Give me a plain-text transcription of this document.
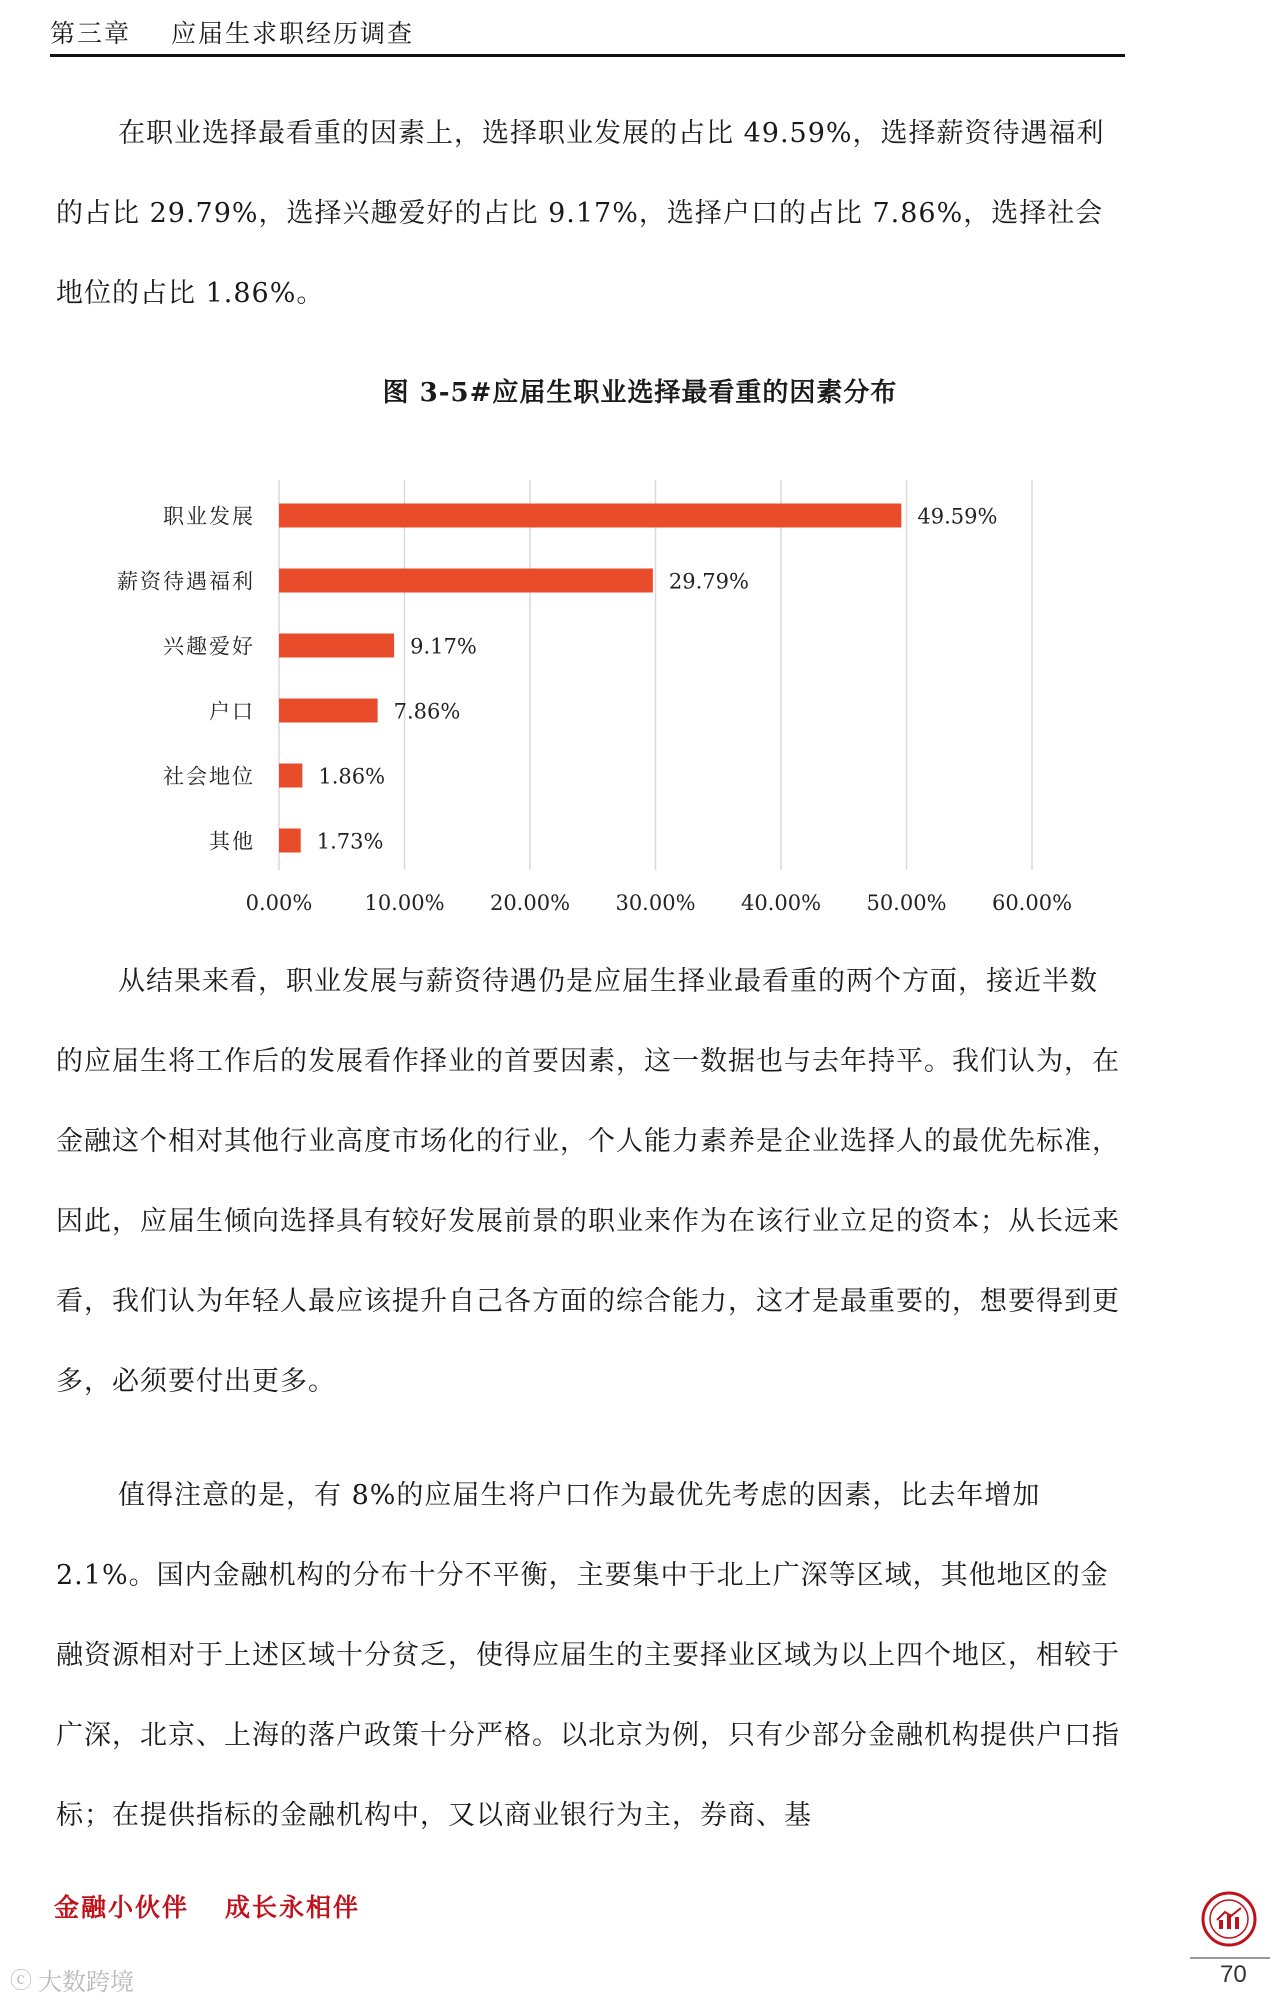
第三章 应届生求职经历调查

在职业选择最看重的因素上，选择职业发展的占比 49.59%，选择薪资待遇福利的占比 29.79%，选择兴趣爱好的占比 9.17%，选择户口的占比 7.86%，选择社会地位的占比 1.86%。

图 3-5#应届生职业选择最看重的因素分布
0.00% 10.00% 20.00% 30.00% 40.00% 50.00% 60.00%
职业发展	49.59%
薪资待遇福利	29.79%
兴趣爱好	9.17%
户口	7.86%
社会地位	1.86%
其他	1.73%

从结果来看，职业发展与薪资待遇仍是应届生择业最看重的两个方面，接近半数的应届生将工作后的发展看作择业的首要因素，这一数据也与去年持平。我们认为，在金融这个相对其他行业高度市场化的行业，个人能力素养是企业选择人的最优先标准，因此，应届生倾向选择具有较好发展前景的职业来作为在该行业立足的资本；从长远来看，我们认为年轻人最应该提升自己各方面的综合能力，这才是最重要的，想要得到更多，必须要付出更多。

值得注意的是，有 8%的应届生将户口作为最优先考虑的因素，比去年增加 2.1%。国内金融机构的分布十分不平衡，主要集中于北上广深等区域，其他地区的金融资源相对于上述区域十分贫乏，使得应届生的主要择业区域为以上四个地区，相较于广深，北京、上海的落户政策十分严格。以北京为例，只有少部分金融机构提供户口指标；在提供指标的金融机构中，又以商业银行为主，券商、基

金融小伙伴 成长永相伴
70
ⓒ 大数跨境
